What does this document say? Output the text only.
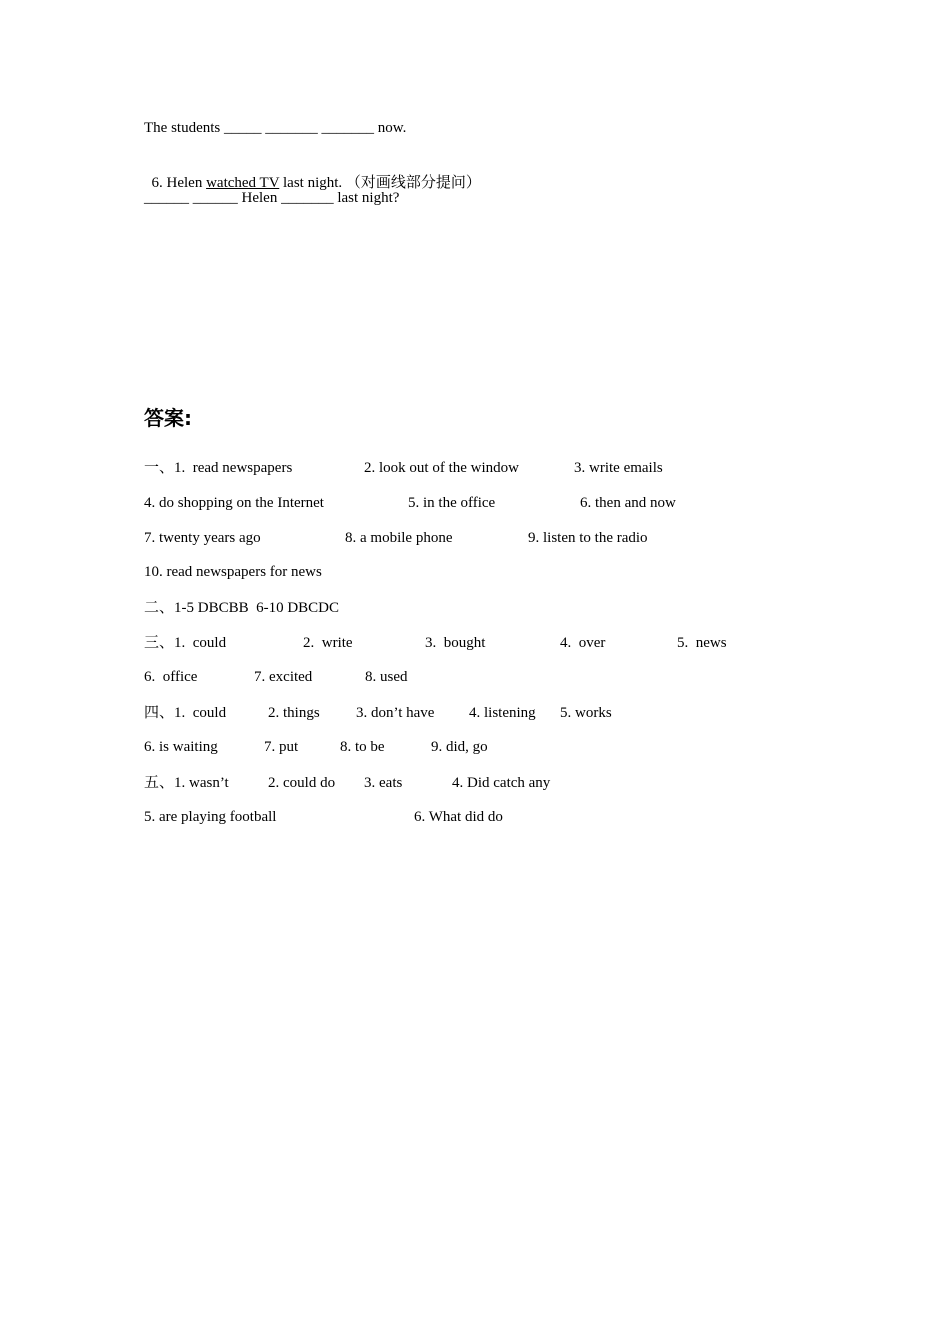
The students _____ _______ _______ now.

6. Helen watched TV last night. （对画线部分提问）

______ ______ Helen _______ last night?
答案:
一、1.  read newspapers	2. look out of the window	3. write emails
4. do shopping on the Internet	5. in the office	6. then and now
7. twenty years ago	8. a mobile phone	9. listen to the radio
10. read newspapers for news
二、1-5 DBCBB  6-10 DBCDC
三、1.  could	2.  write	3.  bought	4.  over	5.  news
6.  office	7. excited	8. used
四、1.  could	2. things 3. don’t have 4. listening 5. works
6. is waiting	7. put	8. to be	9. did, go
五、1. wasn’t	2. could do 3. eats	4. Did catch any
5. are playing football	6. What did do
